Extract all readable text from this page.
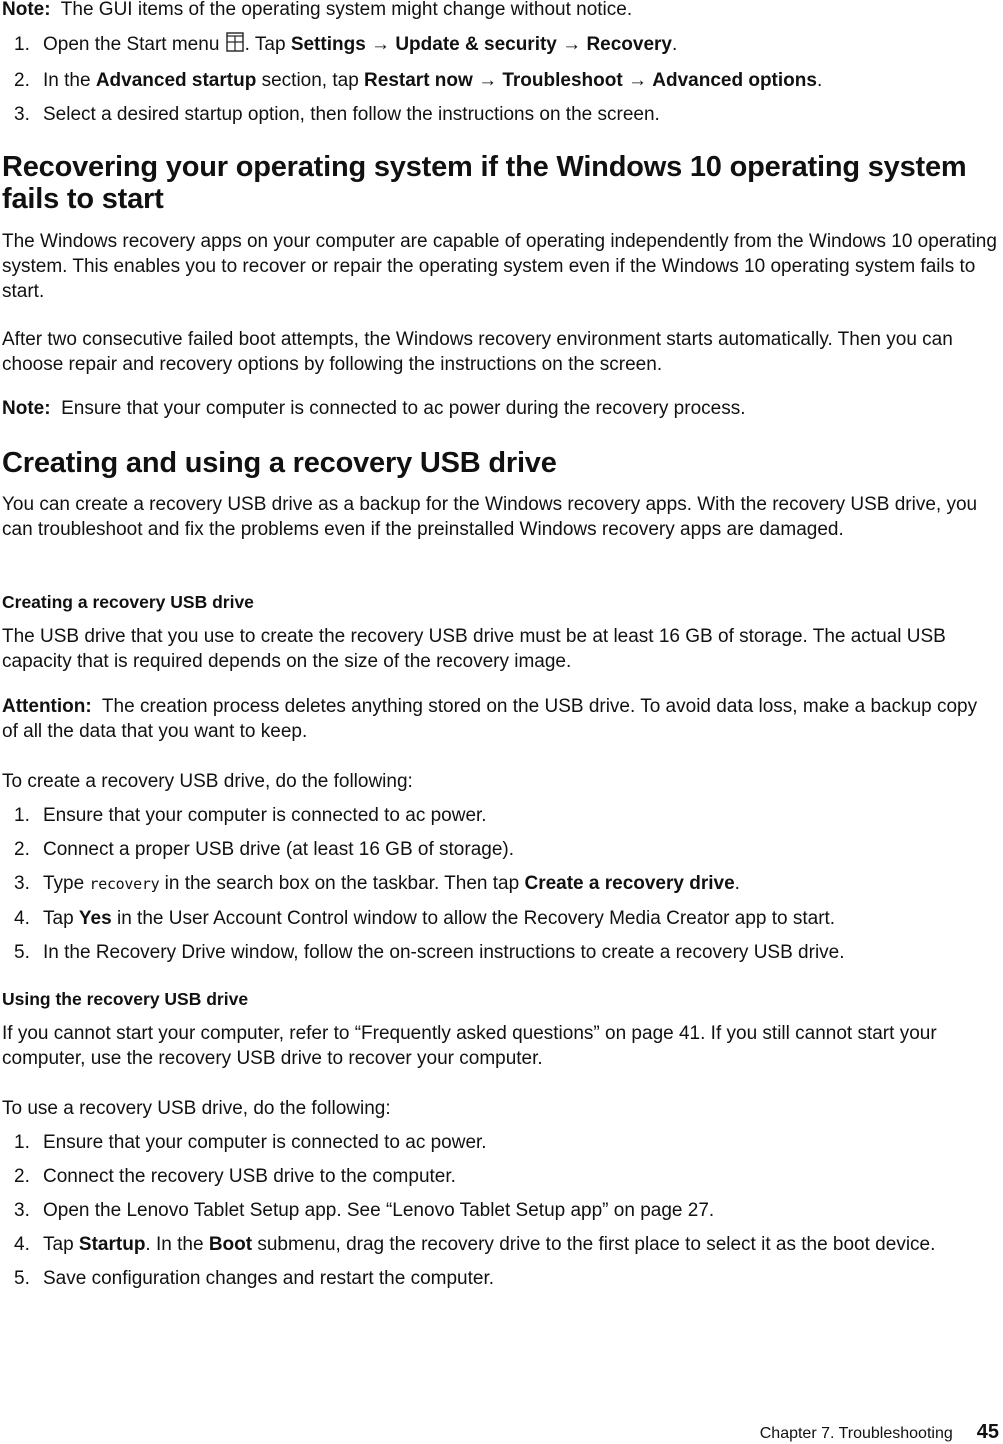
Note: The GUI items of the operating system might change without notice.

1. Open the Start menu . Tap Settings → Update & security → Recovery.
2. In the Advanced startup section, tap Restart now → Troubleshoot → Advanced options.
3. Select a desired startup option, then follow the instructions on the screen.
Recovering your operating system if the Windows 10 operating system fails to start

The Windows recovery apps on your computer are capable of operating independently from the Windows 10 operating system. This enables you to recover or repair the operating system even if the Windows 10 operating system fails to start.

After two consecutive failed boot attempts, the Windows recovery environment starts automatically. Then you can choose repair and recovery options by following the instructions on the screen.

Note: Ensure that your computer is connected to ac power during the recovery process.

Creating and using a recovery USB drive

You can create a recovery USB drive as a backup for the Windows recovery apps. With the recovery USB drive, you can troubleshoot and fix the problems even if the preinstalled Windows recovery apps are damaged.

Creating a recovery USB drive

The USB drive that you use to create the recovery USB drive must be at least 16 GB of storage. The actual USB capacity that is required depends on the size of the recovery image.

Attention: The creation process deletes anything stored on the USB drive. To avoid data loss, make a backup copy of all the data that you want to keep.

To create a recovery USB drive, do the following:

1. Ensure that your computer is connected to ac power.
2. Connect a proper USB drive (at least 16 GB of storage).
3. Type recovery in the search box on the taskbar. Then tap Create a recovery drive.
4. Tap Yes in the User Account Control window to allow the Recovery Media Creator app to start.
5. In the Recovery Drive window, follow the on-screen instructions to create a recovery USB drive.
Using the recovery USB drive

If you cannot start your computer, refer to “Frequently asked questions” on page 41. If you still cannot start your computer, use the recovery USB drive to recover your computer.

To use a recovery USB drive, do the following:

1. Ensure that your computer is connected to ac power.
2. Connect the recovery USB drive to the computer.
3. Open the Lenovo Tablet Setup app. See “Lenovo Tablet Setup app” on page 27.
4. Tap Startup. In the Boot submenu, drag the recovery drive to the first place to select it as the boot device.
5. Save configuration changes and restart the computer.
Chapter 7. Troubleshooting 45
